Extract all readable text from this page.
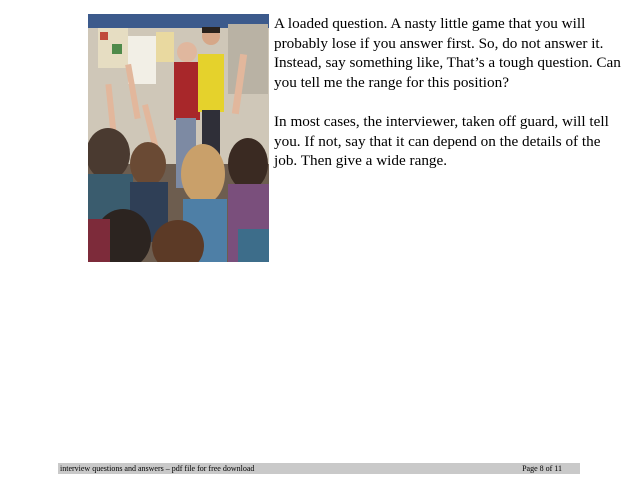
A loaded question. A nasty little game that you will probably lose if you answer first. So, do not answer it. Instead, say something like, That’s a tough question. Can you tell me the range for this position?

In most cases, the interviewer, taken off guard, will tell you. If not, say that it can depend on the details of the job. Then give a wide range.

interview questions and answers – pdf file for free download	Page 8 of 11
